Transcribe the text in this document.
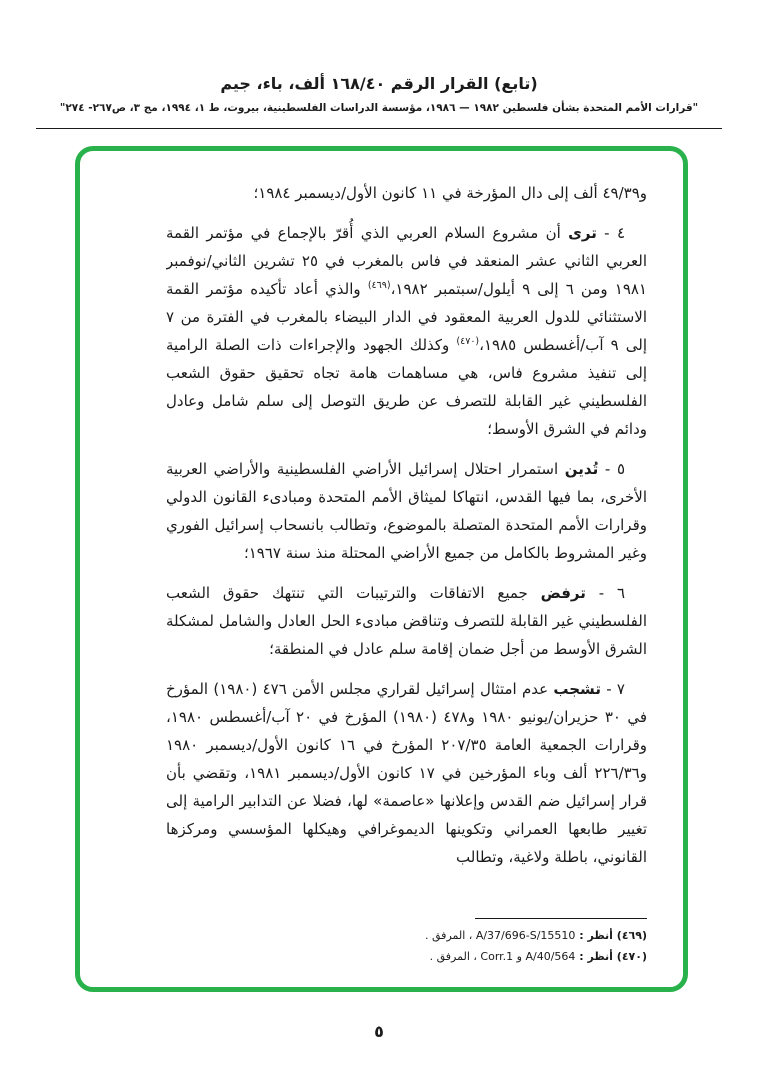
(تابع) القرار الرقم ١٦٨/٤٠ ألف، باء، جيم
"قرارات الأمم المتحدة بشأن فلسطين ١٩٨٢ — ١٩٨٦، مؤسسة الدراسات الفلسطينية، بيروت، ط ١، ١٩٩٤، مج ٣، ص٢٦٧- ٢٧٤"

و٤٩/٣٩ ألف إلى دال المؤرخة في ١١ كانون الأول/ديسمبر ١٩٨٤؛

٤ - ترى أن مشروع السلام العربي الذي أُقرّ بالإجماع في مؤتمر القمة العربي الثاني عشر المنعقد في فاس بالمغرب في ٢٥ تشرين الثاني/نوفمبر ١٩٨١ ومن ٦ إلى ٩ أيلول/سبتمبر ١٩٨٢،$^{(٤٦٩)}$ والذي أعاد تأكيده مؤتمر القمة الاستثنائي للدول العربية المعقود في الدار البيضاء بالمغرب في الفترة من ٧ إلى ٩ آب/أغسطس ١٩٨٥،$^{(٤٧٠)}$ وكذلك الجهود والإجراءات ذات الصلة الرامية إلى تنفيذ مشروع فاس، هي مساهمات هامة تجاه تحقيق حقوق الشعب الفلسطيني غير القابلة للتصرف عن طريق التوصل إلى سلم شامل وعادل ودائم في الشرق الأوسط؛

٥ - تُدين استمرار احتلال إسرائيل الأراضي الفلسطينية والأراضي العربية الأخرى، بما فيها القدس، انتهاكا لميثاق الأمم المتحدة ومبادىء القانون الدولي وقرارات الأمم المتحدة المتصلة بالموضوع، وتطالب بانسحاب إسرائيل الفوري وغير المشروط بالكامل من جميع الأراضي المحتلة منذ سنة ١٩٦٧؛

٦ - ترفض جميع الاتفاقات والترتيبات التي تنتهك حقوق الشعب الفلسطيني غير القابلة للتصرف وتناقض مبادىء الحل العادل والشامل لمشكلة الشرق الأوسط من أجل ضمان إقامة سلم عادل في المنطقة؛

٧ - تشجب عدم امتثال إسرائيل لقراري مجلس الأمن ٤٧٦ (١٩٨٠) المؤرخ في ٣٠ حزيران/يونيو ١٩٨٠ و٤٧٨ (١٩٨٠) المؤرخ في ٢٠ آب/أغسطس ١٩٨٠، وقرارات الجمعية العامة ٢٠٧/٣٥ المؤرخ في ١٦ كانون الأول/ديسمبر ١٩٨٠ و٢٢٦/٣٦ ألف وباء المؤرخين في ١٧ كانون الأول/ديسمبر ١٩٨١، وتقضي بأن قرار إسرائيل ضم القدس وإعلانها «عاصمة» لها، فضلا عن التدابير الرامية إلى تغيير طابعها العمراني وتكوينها الديموغرافي وهيكلها المؤسسي ومركزها القانوني، باطلة ولاغية، وتطالب

(٤٦٩) أنظر : A/37/696-S/15510 ، المرفق .
(٤٧٠) أنظر : A/40/564 و Corr.1 ، المرفق .
٥
